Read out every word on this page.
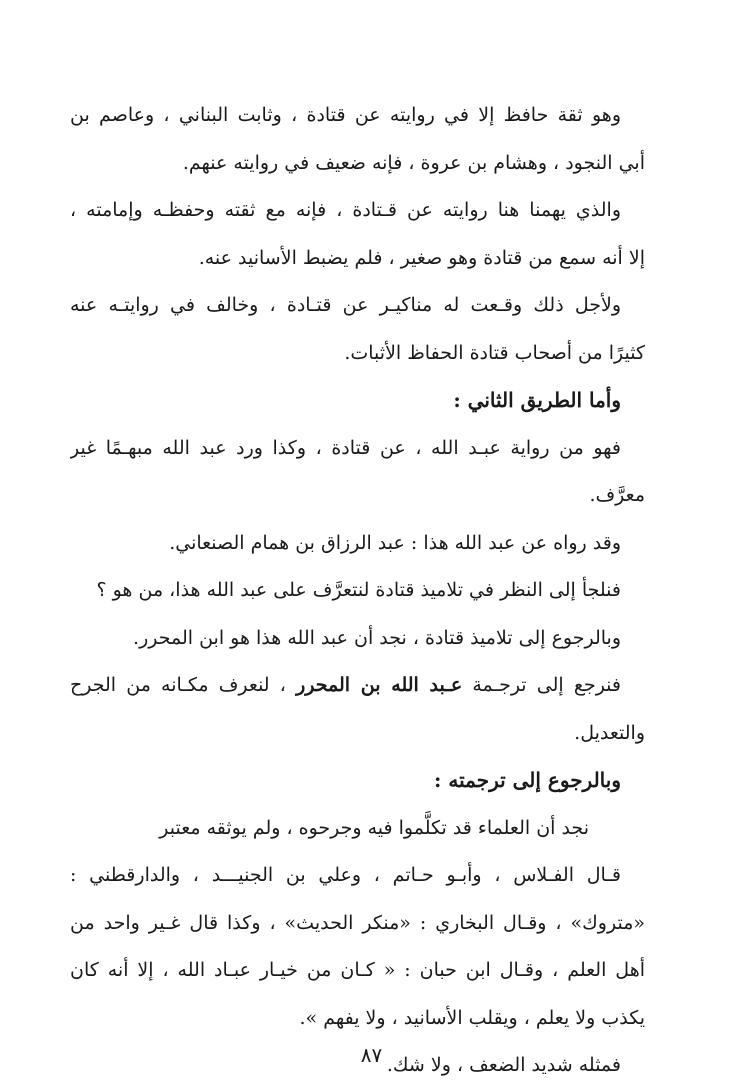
وهو ثقة حافظ إلا في روايته عن قتادة ، وثابت البناني ، وعاصم بن
أبي النجود ، وهشام بن عروة ، فإنه ضعيف في روايته عنهم.
والذي يهمنا هنا روايته عن قـتادة ، فإنه مع ثقته وحفظـه وإمامته ،
إلا أنه سمع من قتادة وهو صغير ، فلم يضبط الأسانيد عنه.
ولأجل ذلك وقـعت له مناكيـر عن قتـادة ، وخالف في روايتـه عنه
كثيرًا من أصحاب قتادة الحفاظ الأثبات.
وأما الطريق الثاني :
فهو من رواية عبـد الله ، عن قتادة ، وكذا ورد عبد الله مبهـمًا غير
معرَّف.
وقد رواه عن عبد الله هذا : عبد الرزاق بن همام الصنعاني.
فنلجأ إلى النظر في تلاميذ قتادة لنتعرَّف على عبد الله هذا، من هو ؟
وبالرجوع إلى تلاميذ قتادة ، نجد أن عبد الله هذا هو ابن المحرر.
فنرجع إلى ترجـمة عـبد الله بن المحرر ، لنعرف مكـانه من الجرح
والتعديل.
وبالرجوع إلى ترجمته :
نجد أن العلماء قد تكلَّموا فيه وجرحوه ، ولم يوثقه معتبر
قـال الفـلاس ، وأبـو حـاتم ، وعلي بن الجنيـــد ، والدارقطني :
«متروك» ، وقـال البخاري : «منكر الحديث» ، وكذا قال غـير واحد من
أهل العلم ، وقـال ابن حبان : « كـان من خيـار عبـاد الله ، إلا أنه كان
يكذب ولا يعلم ، ويقلب الأسانيد ، ولا يفهم ».
فمثله شديد الضعف ، ولا شك.
٨٧
